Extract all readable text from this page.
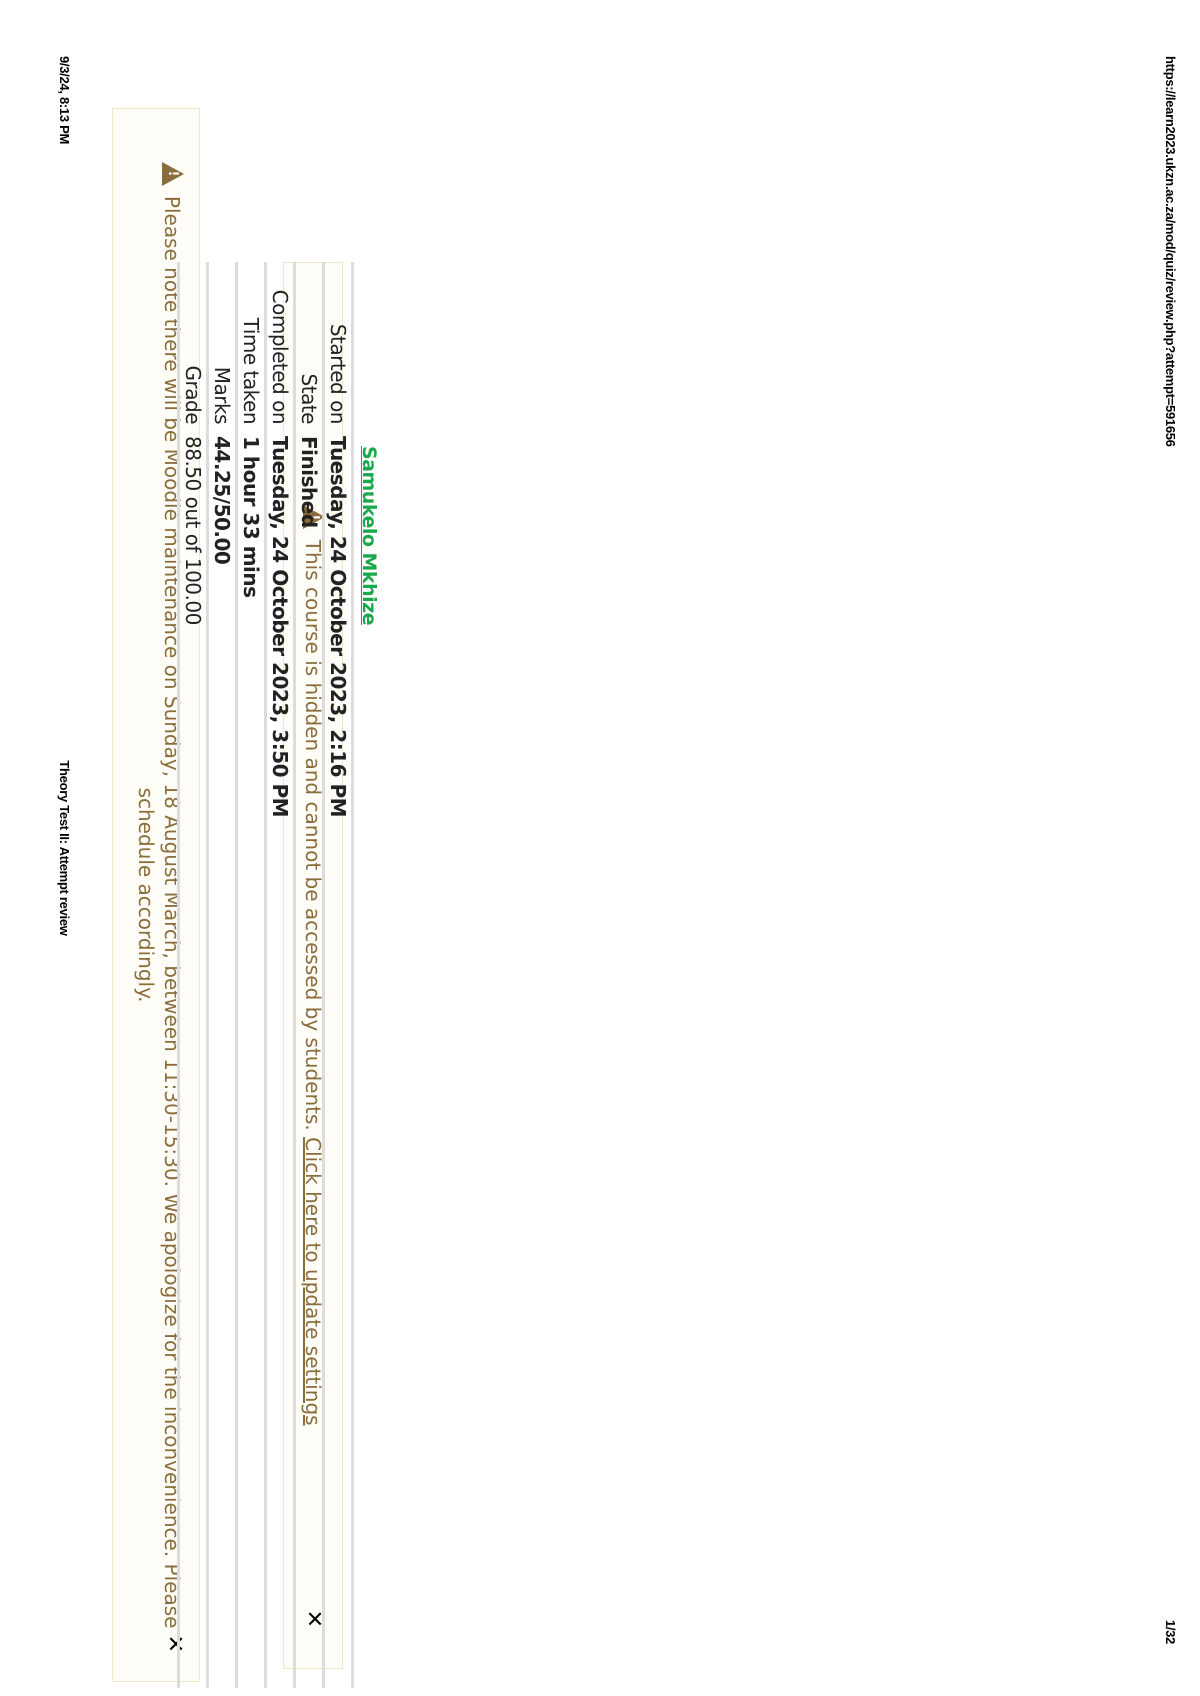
9/3/24, 8:13 PM
Theory Test II: Attempt review
!	Please note there will be Moodle maintenance on Sunday, 18 August March, between 11:30-15:30. We apologize for the inconvenience. Please schedule accordingly.
✕
! This course is hidden and cannot be accessed by students. Click here to update settings
✕
Samukelo Mkhize
Started on	Tuesday, 24 October 2023, 2:16 PM
State	Finished
Completed on	Tuesday, 24 October 2023, 3:50 PM
Time taken	1 hour 33 mins
Marks	44.25/50.00
Grade	88.50 out of 100.00
https://learn2023.ukzn.ac.za/mod/quiz/review.php?attempt=591656
1/32
